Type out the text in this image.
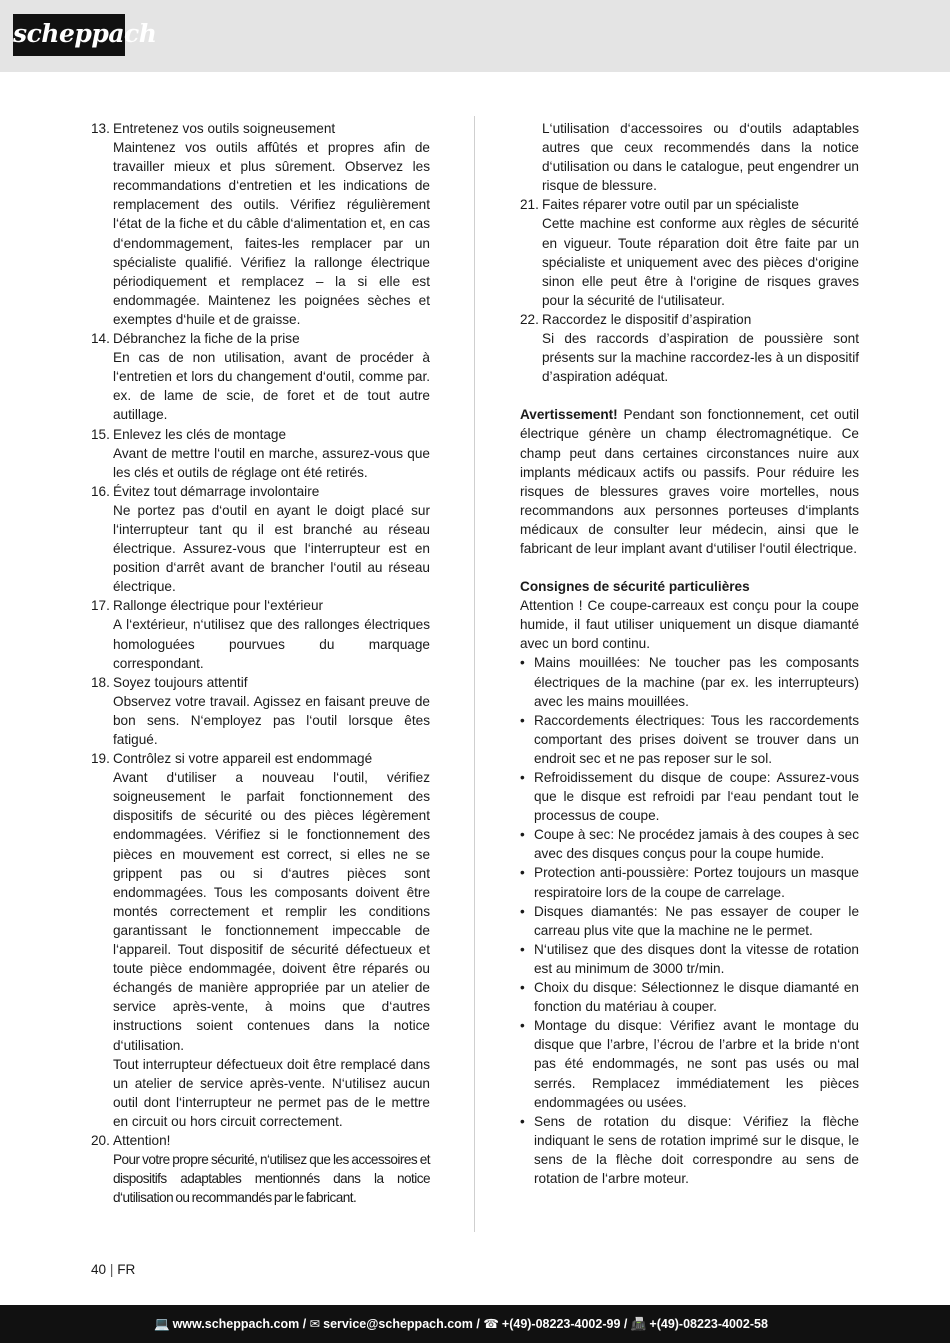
scheppach
13. Entretenez vos outils soigneusement
Maintenez vos outils affûtés et propres afin de travailler mieux et plus sûrement. Observez les recommandations d‘entretien et les indications de remplacement des outils. Vérifiez régulièrement l‘état de la fiche et du câble d‘alimentation et, en cas d‘endommagement, faites-les remplacer par un spécialiste qualifié. Vérifiez la rallonge électrique périodiquement et remplacez – la si elle est endommagée. Maintenez les poignées sèches et exemptes d‘huile et de graisse.
14. Débranchez la fiche de la prise
En cas de non utilisation, avant de procéder à l‘entretien et lors du changement d‘outil, comme par. ex. de lame de scie, de foret et de tout autre autillage.
15. Enlevez les clés de montage
Avant de mettre l‘outil en marche, assurez-vous que les clés et outils de réglage ont été retirés.
16. Évitez tout démarrage involontaire
Ne portez pas d‘outil en ayant le doigt placé sur l‘interrupteur tant qu il est branché au réseau électrique. Assurez-vous que l‘interrupteur est en position d‘arrêt avant de brancher l‘outil au réseau électrique.
17. Rallonge électrique pour l‘extérieur
A l‘extérieur, n‘utilisez que des rallonges électriques homologuées pourvues du marquage correspondant.
18. Soyez toujours attentif
Observez votre travail. Agissez en faisant preuve de bon sens. N‘employez pas l‘outil lorsque êtes fatigué.
19. Contrôlez si votre appareil est endommagé
Avant d‘utiliser a nouveau l‘outil, vérifiez soigneusement le parfait fonctionnement des dispositifs de sécurité ou des pièces légèrement endommagées. Vérifiez si le fonctionnement des pièces en mouvement est correct, si elles ne se grippent pas ou si d‘autres pièces sont endommagées. Tous les composants doivent être montés correctement et remplir les conditions garantissant le fonctionnement impeccable de l‘appareil. Tout dispositif de sécurité défectueux et toute pièce endommagée, doivent être réparés ou échangés de manière appropriée par un atelier de service après-vente, à moins que d‘autres instructions soient contenues dans la notice d‘utilisation.
Tout interrupteur défectueux doit être remplacé dans un atelier de service après-vente. N‘utilisez aucun outil dont l‘interrupteur ne permet pas de le mettre en circuit ou hors circuit correctement.
20. Attention!
Pour votre propre sécurité, n‘utilisez que les accessoires et dispositifs adaptables mentionnés dans la notice d‘utilisation ou recommandés par le fabricant.

L‘utilisation d‘accessoires ou d‘outils adaptables autres que ceux recommendés dans la notice d‘utilisation ou dans le catalogue, peut engendrer un risque de blessure.

21. Faites réparer votre outil par un spécialiste
Cette machine est conforme aux règles de sécurité en vigueur. Toute réparation doit être faite par un spécialiste et uniquement avec des pièces d‘origine sinon elle peut être à l‘origine de risques graves pour la sécurité de l‘utilisateur.
22. Raccordez le dispositif d’aspiration
Si des raccords d’aspiration de poussière sont présents sur la machine raccordez-les à un dispositif d’aspiration adéquat.

Avertissement! Pendant son fonctionnement, cet outil électrique génère un champ électromagnétique. Ce champ peut dans certaines circonstances nuire aux implants médicaux actifs ou passifs. Pour réduire les risques de blessures graves voire mortelles, nous recommandons aux personnes porteuses d‘implants médicaux de consulter leur médecin, ainsi que le fabricant de leur implant avant d‘utiliser l‘outil électrique.

Consignes de sécurité particulières

Attention ! Ce coupe-carreaux est conçu pour la coupe humide, il faut utiliser uniquement un disque diamanté avec un bord continu.

• Mains mouillées: Ne toucher pas les composants électriques de la machine (par ex. les interrupteurs) avec les mains mouillées.
• Raccordements électriques: Tous les raccordements comportant des prises doivent se trouver dans un endroit sec et ne pas reposer sur le sol.
• Refroidissement du disque de coupe: Assurez-vous que le disque est refroidi par l‘eau pendant tout le processus de coupe.
• Coupe à sec: Ne procédez jamais à des coupes à sec avec des disques conçus pour la coupe humide.
• Protection anti-poussière: Portez toujours un masque respiratoire lors de la coupe de carrelage.
• Disques diamantés: Ne pas essayer de couper le carreau plus vite que la machine ne le permet.
• N‘utilisez que des disques dont la vitesse de rotation est au minimum de 3000 tr/min.
• Choix du disque: Sélectionnez le disque diamanté en fonction du matériau à couper.
• Montage du disque: Vérifiez avant le montage du disque que l’arbre, l’écrou de l’arbre et la bride n‘ont pas été endommagés, ne sont pas usés ou mal serrés. Remplacez immédiatement les pièces endommagées ou usées.
• Sens de rotation du disque: Vérifiez la flèche indiquant le sens de rotation imprimé sur le disque, le sens de la flèche doit correspondre au sens de rotation de l‘arbre moteur.
40 | FR
💻 www.scheppach.com / ✉ service@scheppach.com / ☎ +(49)-08223-4002-99 / 📠 +(49)-08223-4002-58
